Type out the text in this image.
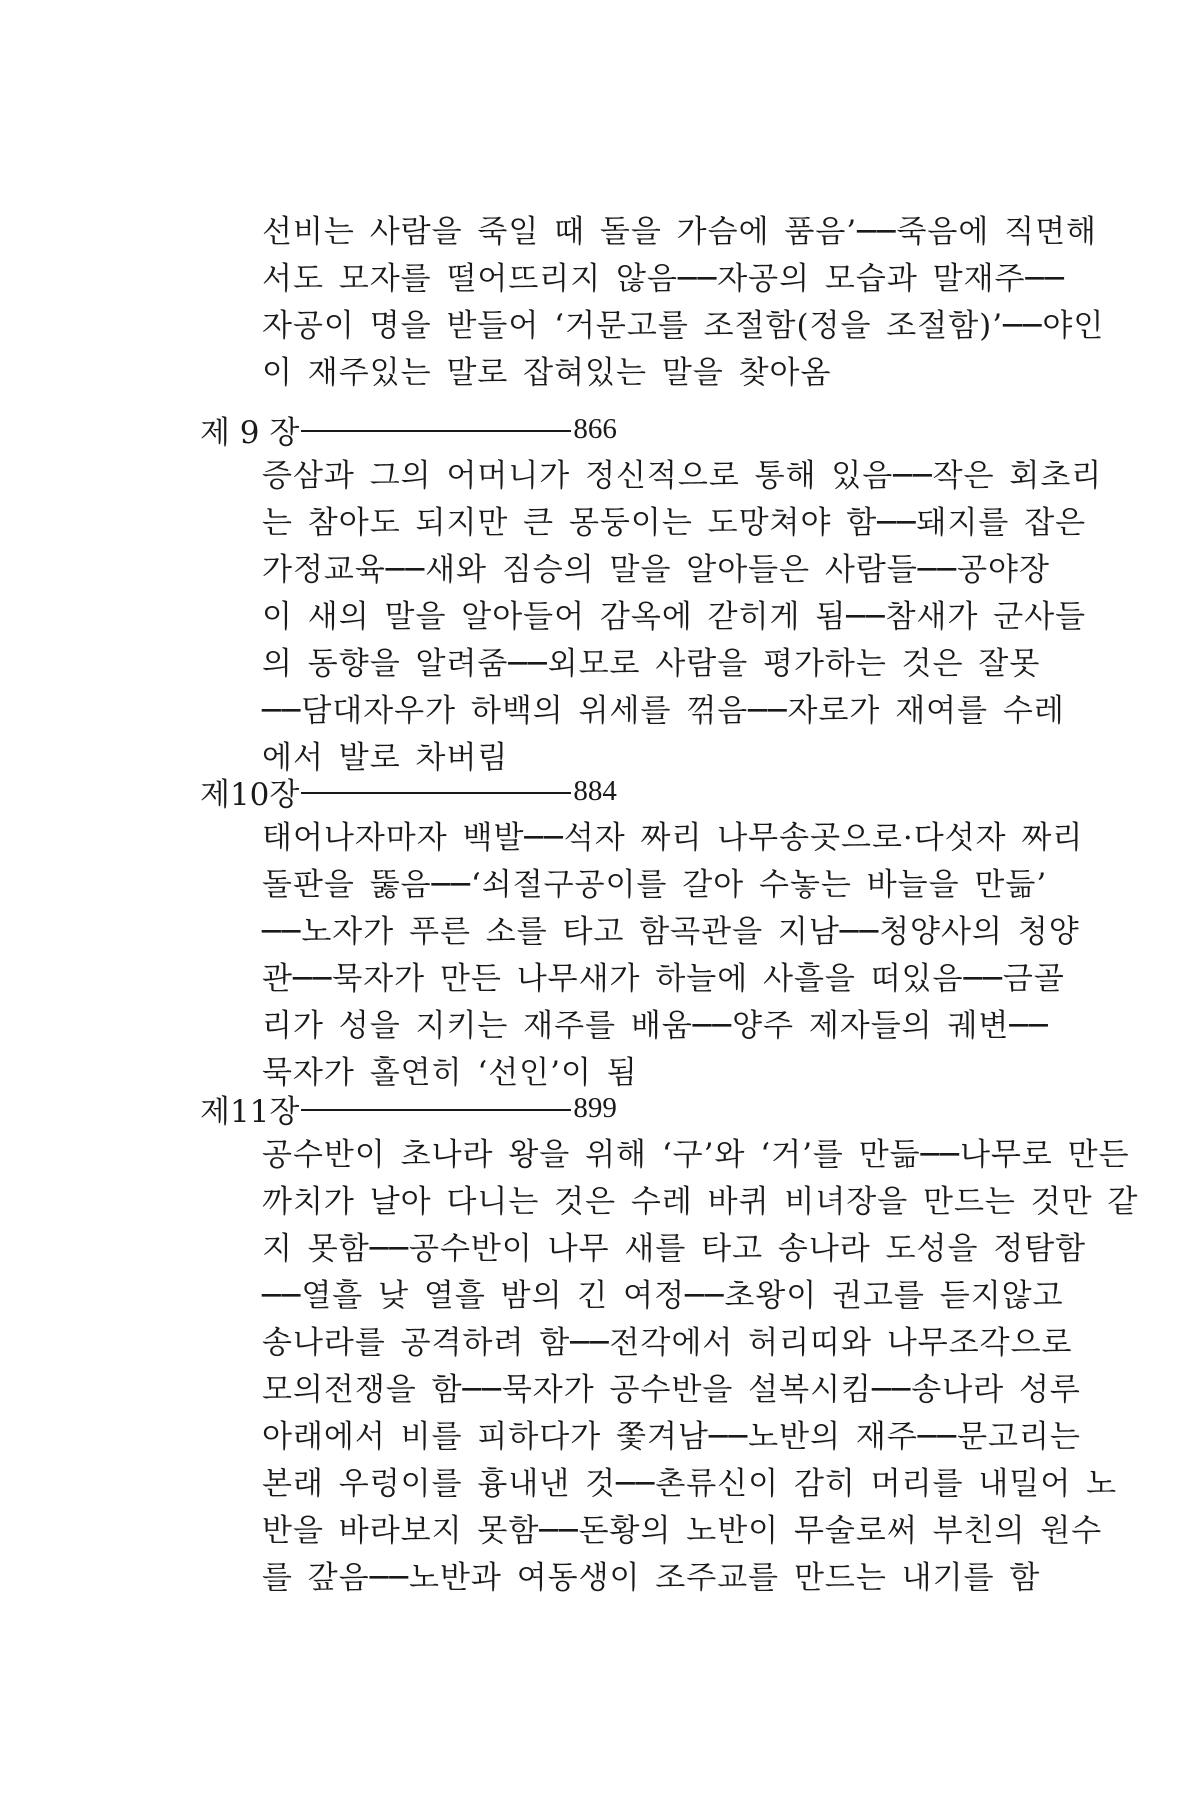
선비는 사람을 죽일 때 돌을 가슴에 품음’──죽음에 직면해
서도 모자를 떨어뜨리지 않음──자공의 모습과 말재주──
자공이 명을 받들어 ‘거문고를 조절함(정을 조절함)’──야인
이 재주있는 말로 잡혀있는 말을 찾아옴
제 9 장	866
증삼과 그의 어머니가 정신적으로 통해 있음──작은 회초리
는 참아도 되지만 큰 몽둥이는 도망쳐야 함──돼지를 잡은
가정교육──새와 짐승의 말을 알아들은 사람들──공야장
이 새의 말을 알아들어 감옥에 갇히게 됨──참새가 군사들
의 동향을 알려줌──외모로 사람을 평가하는 것은 잘못
──담대자우가 하백의 위세를 꺾음──자로가 재여를 수레
에서 발로 차버림
제10장	884
태어나자마자 백발──석자 짜리 나무송곳으로·다섯자 짜리
돌판을 뚫음──‘쇠절구공이를 갈아 수놓는 바늘을 만듦’
──노자가 푸른 소를 타고 함곡관을 지남──청양사의 청양
관──묵자가 만든 나무새가 하늘에 사흘을 떠있음──금골
리가 성을 지키는 재주를 배움──양주 제자들의 궤변──
묵자가 홀연히 ‘선인’이 됨
제11장	899
공수반이 초나라 왕을 위해 ‘구’와 ‘거’를 만듦──나무로 만든
까치가 날아 다니는 것은 수레 바퀴 비녀장을 만드는 것만 같
지 못함──공수반이 나무 새를 타고 송나라 도성을 정탐함
──열흘 낮 열흘 밤의 긴 여정──초왕이 권고를 듣지않고
송나라를 공격하려 함──전각에서 허리띠와 나무조각으로
모의전쟁을 함──묵자가 공수반을 설복시킴──송나라 성루
아래에서 비를 피하다가 쫓겨남──노반의 재주──문고리는
본래 우렁이를 흉내낸 것──촌류신이 감히 머리를 내밀어 노
반을 바라보지 못함──돈황의 노반이 무술로써 부친의 원수
를 갚음──노반과 여동생이 조주교를 만드는 내기를 함
